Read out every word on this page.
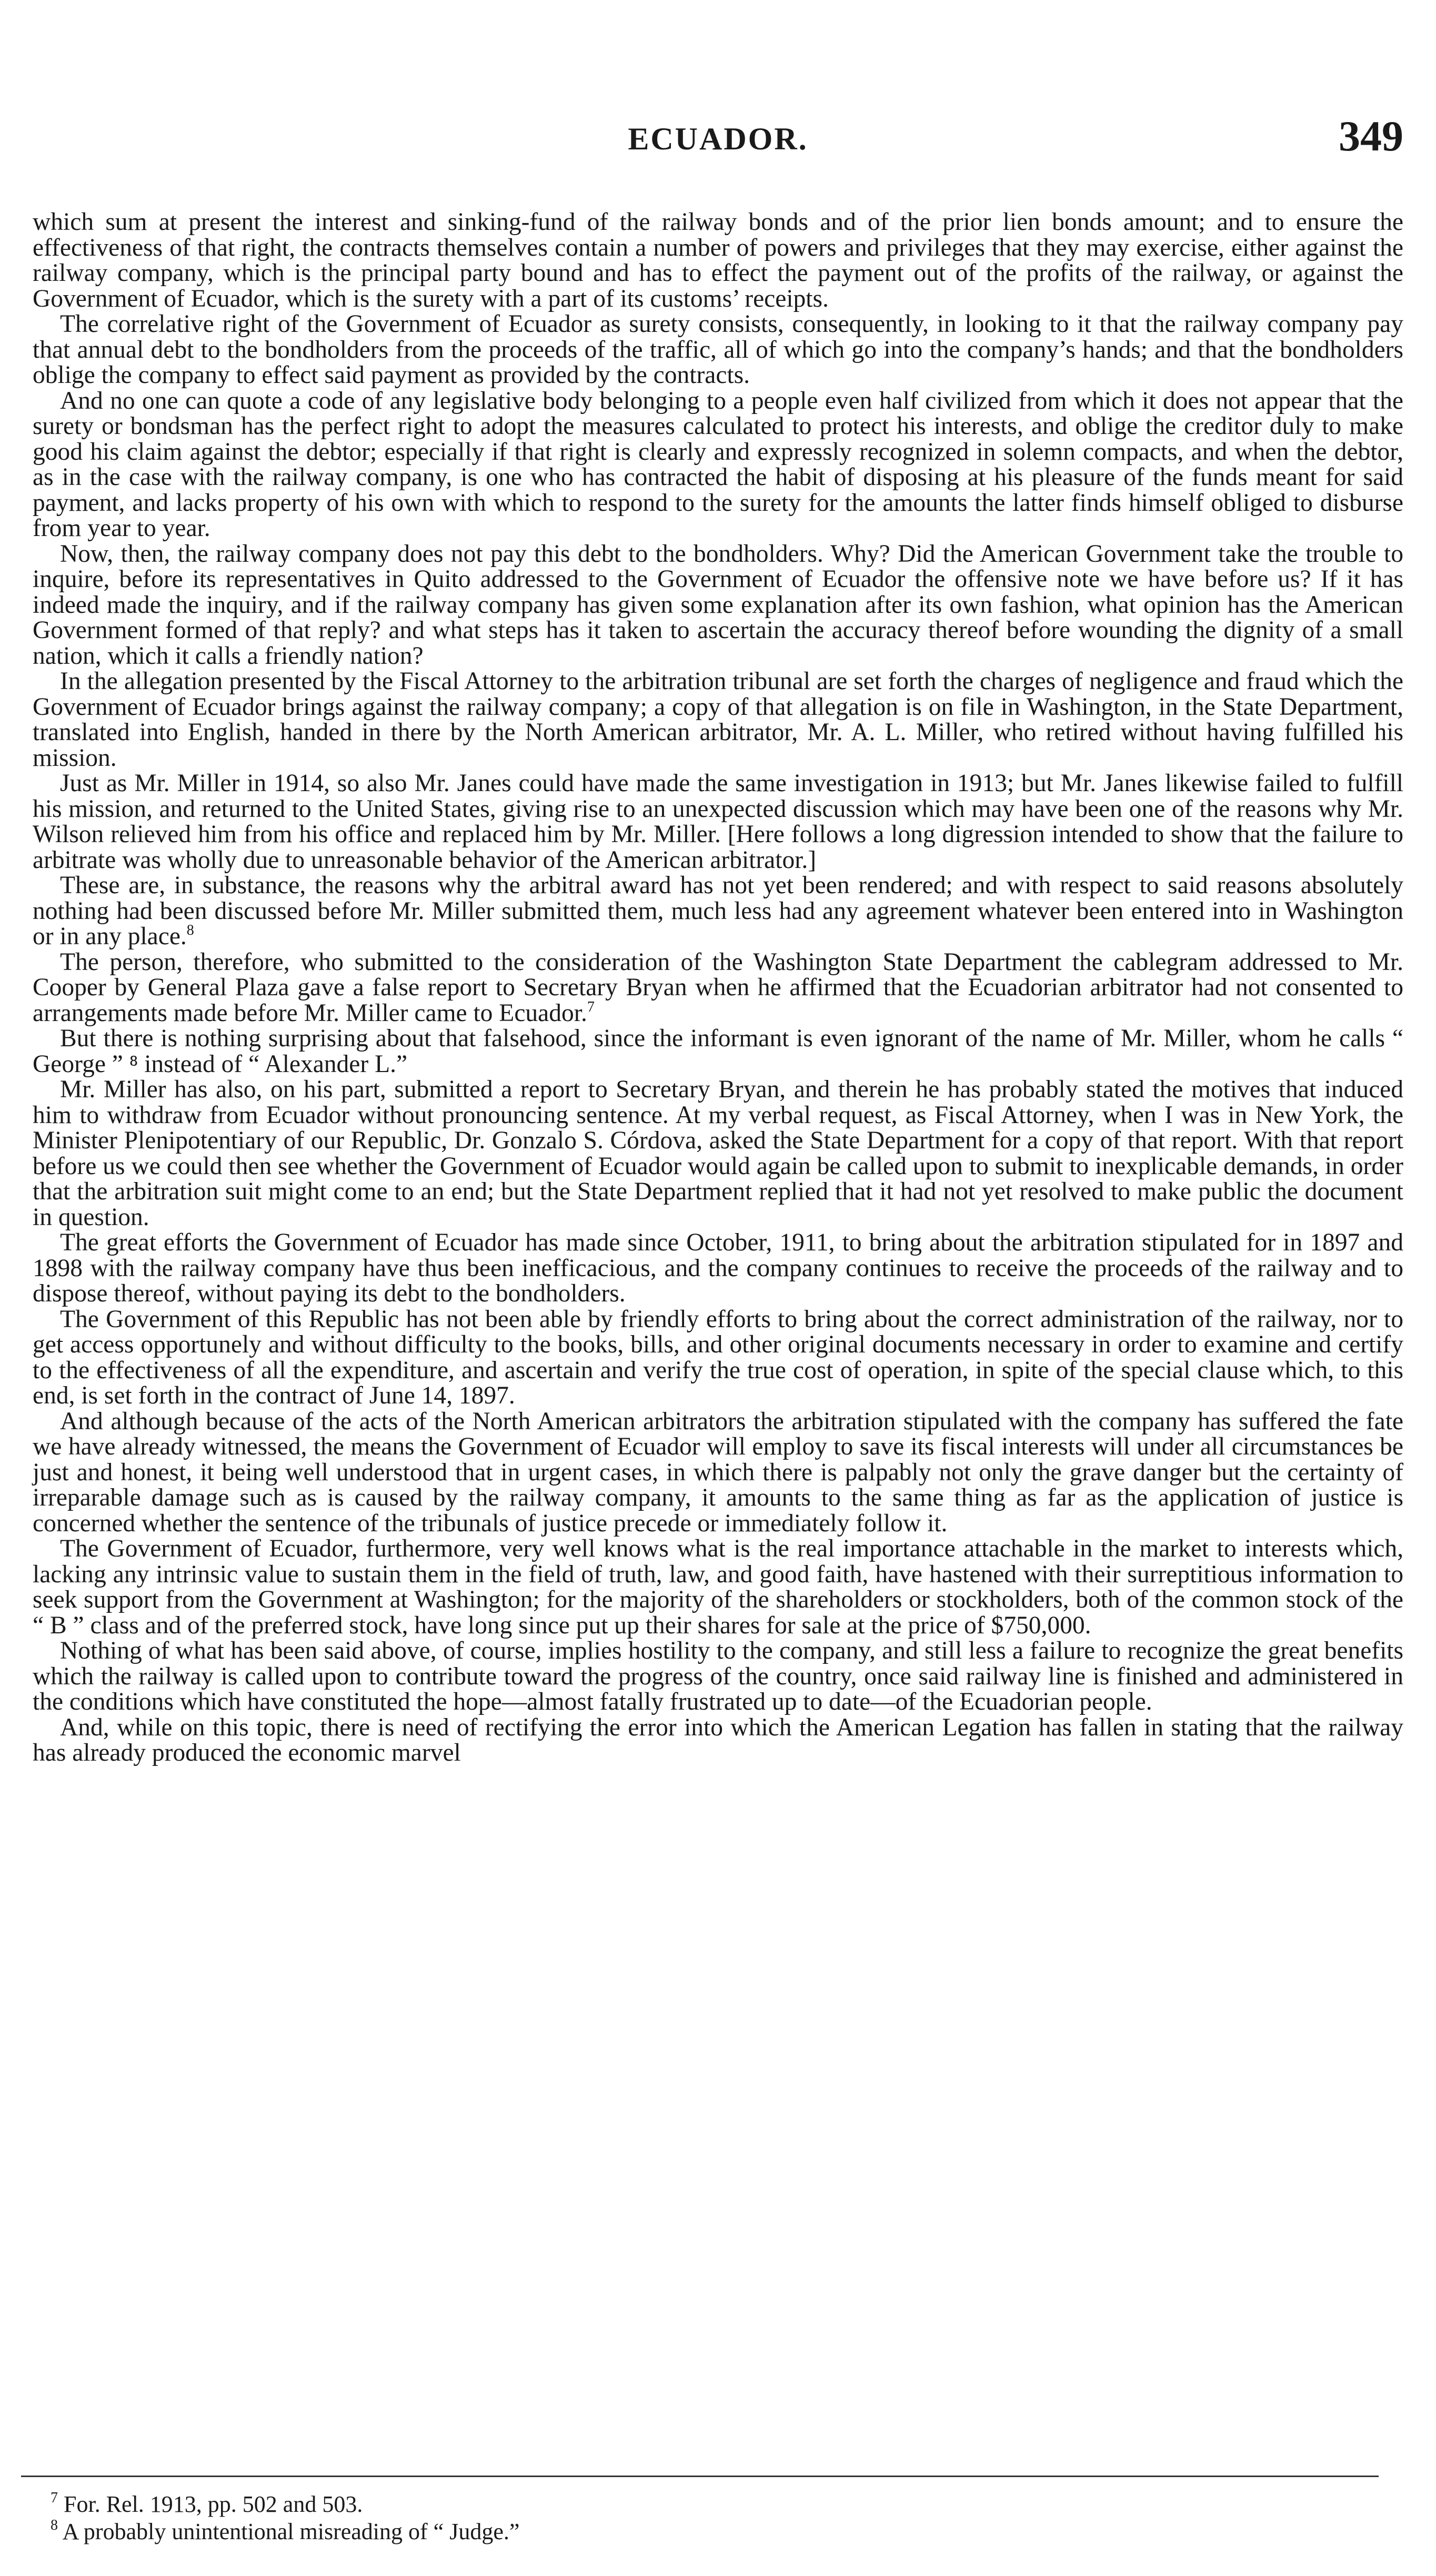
ECUADOR.	349

which sum at present the interest and sinking-fund of the railway bonds and of the prior lien bonds amount; and to ensure the effectiveness of that right, the contracts themselves contain a number of powers and privileges that they may exercise, either against the railway company, which is the principal party bound and has to effect the payment out of the profits of the railway, or against the Government of Ecuador, which is the surety with a part of its customs’ receipts.

The correlative right of the Government of Ecuador as surety consists, consequently, in looking to it that the railway company pay that annual debt to the bondholders from the proceeds of the traffic, all of which go into the company’s hands; and that the bondholders oblige the company to effect said payment as provided by the contracts.

And no one can quote a code of any legislative body belonging to a people even half civilized from which it does not appear that the surety or bondsman has the perfect right to adopt the measures calculated to protect his interests, and oblige the creditor duly to make good his claim against the debtor; especially if that right is clearly and expressly recognized in solemn compacts, and when the debtor, as in the case with the railway company, is one who has contracted the habit of disposing at his pleasure of the funds meant for said payment, and lacks property of his own with which to respond to the surety for the amounts the latter finds himself obliged to disburse from year to year.

Now, then, the railway company does not pay this debt to the bondholders. Why? Did the American Government take the trouble to inquire, before its representatives in Quito addressed to the Government of Ecuador the offensive note we have before us? If it has indeed made the inquiry, and if the railway company has given some explanation after its own fashion, what opinion has the American Government formed of that reply? and what steps has it taken to ascertain the accuracy thereof before wounding the dignity of a small nation, which it calls a friendly nation?

In the allegation presented by the Fiscal Attorney to the arbitration tribunal are set forth the charges of negligence and fraud which the Government of Ecuador brings against the railway company; a copy of that allegation is on file in Washington, in the State Department, translated into English, handed in there by the North American arbitrator, Mr. A. L. Miller, who retired without having fulfilled his mission.

Just as Mr. Miller in 1914, so also Mr. Janes could have made the same investigation in 1913; but Mr. Janes likewise failed to fulfill his mission, and returned to the United States, giving rise to an unexpected discussion which may have been one of the reasons why Mr. Wilson relieved him from his office and replaced him by Mr. Miller. [Here follows a long digression intended to show that the failure to arbitrate was wholly due to unreasonable behavior of the American arbitrator.]

These are, in substance, the reasons why the arbitral award has not yet been rendered; and with respect to said reasons absolutely nothing had been discussed before Mr. Miller submitted them, much less had any agreement whatever been entered into in Washington or in any place.$^8$

The person, therefore, who submitted to the consideration of the Washington State Department the cablegram addressed to Mr. Cooper by General Plaza gave a false report to Secretary Bryan when he affirmed that the Ecuadorian arbitrator had not consented to arrangements made before Mr. Miller came to Ecuador.$^7$

But there is nothing surprising about that falsehood, since the informant is even ignorant of the name of Mr. Miller, whom he calls “ George ” ⁸ instead of “ Alexander L.”

Mr. Miller has also, on his part, submitted a report to Secretary Bryan, and therein he has probably stated the motives that induced him to withdraw from Ecuador without pronouncing sentence. At my verbal request, as Fiscal Attorney, when I was in New York, the Minister Plenipotentiary of our Republic, Dr. Gonzalo S. Córdova, asked the State Department for a copy of that report. With that report before us we could then see whether the Government of Ecuador would again be called upon to submit to inexplicable demands, in order that the arbitration suit might come to an end; but the State Department replied that it had not yet resolved to make public the document in question.

The great efforts the Government of Ecuador has made since October, 1911, to bring about the arbitration stipulated for in 1897 and 1898 with the railway company have thus been inefficacious, and the company continues to receive the proceeds of the railway and to dispose thereof, without paying its debt to the bondholders.

The Government of this Republic has not been able by friendly efforts to bring about the correct administration of the railway, nor to get access opportunely and without difficulty to the books, bills, and other original documents necessary in order to examine and certify to the effectiveness of all the expenditure, and ascertain and verify the true cost of operation, in spite of the special clause which, to this end, is set forth in the contract of June 14, 1897.

And although because of the acts of the North American arbitrators the arbitration stipulated with the company has suffered the fate we have already witnessed, the means the Government of Ecuador will employ to save its fiscal interests will under all circumstances be just and honest, it being well understood that in urgent cases, in which there is palpably not only the grave danger but the certainty of irreparable damage such as is caused by the railway company, it amounts to the same thing as far as the application of justice is concerned whether the sentence of the tribunals of justice precede or immediately follow it.

The Government of Ecuador, furthermore, very well knows what is the real importance attachable in the market to interests which, lacking any intrinsic value to sustain them in the field of truth, law, and good faith, have hastened with their surreptitious information to seek support from the Government at Washington; for the majority of the shareholders or stockholders, both of the common stock of the “ B ” class and of the preferred stock, have long since put up their shares for sale at the price of $750,000.

Nothing of what has been said above, of course, implies hostility to the company, and still less a failure to recognize the great benefits which the railway is called upon to contribute toward the progress of the country, once said railway line is finished and administered in the conditions which have constituted the hope—almost fatally frustrated up to date—of the Ecuadorian people.

And, while on this topic, there is need of rectifying the error into which the American Legation has fallen in stating that the railway has already produced the economic marvel

$^7$ For. Rel. 1913, pp. 502 and 503.

$^8$ A probably unintentional misreading of “ Judge.”
